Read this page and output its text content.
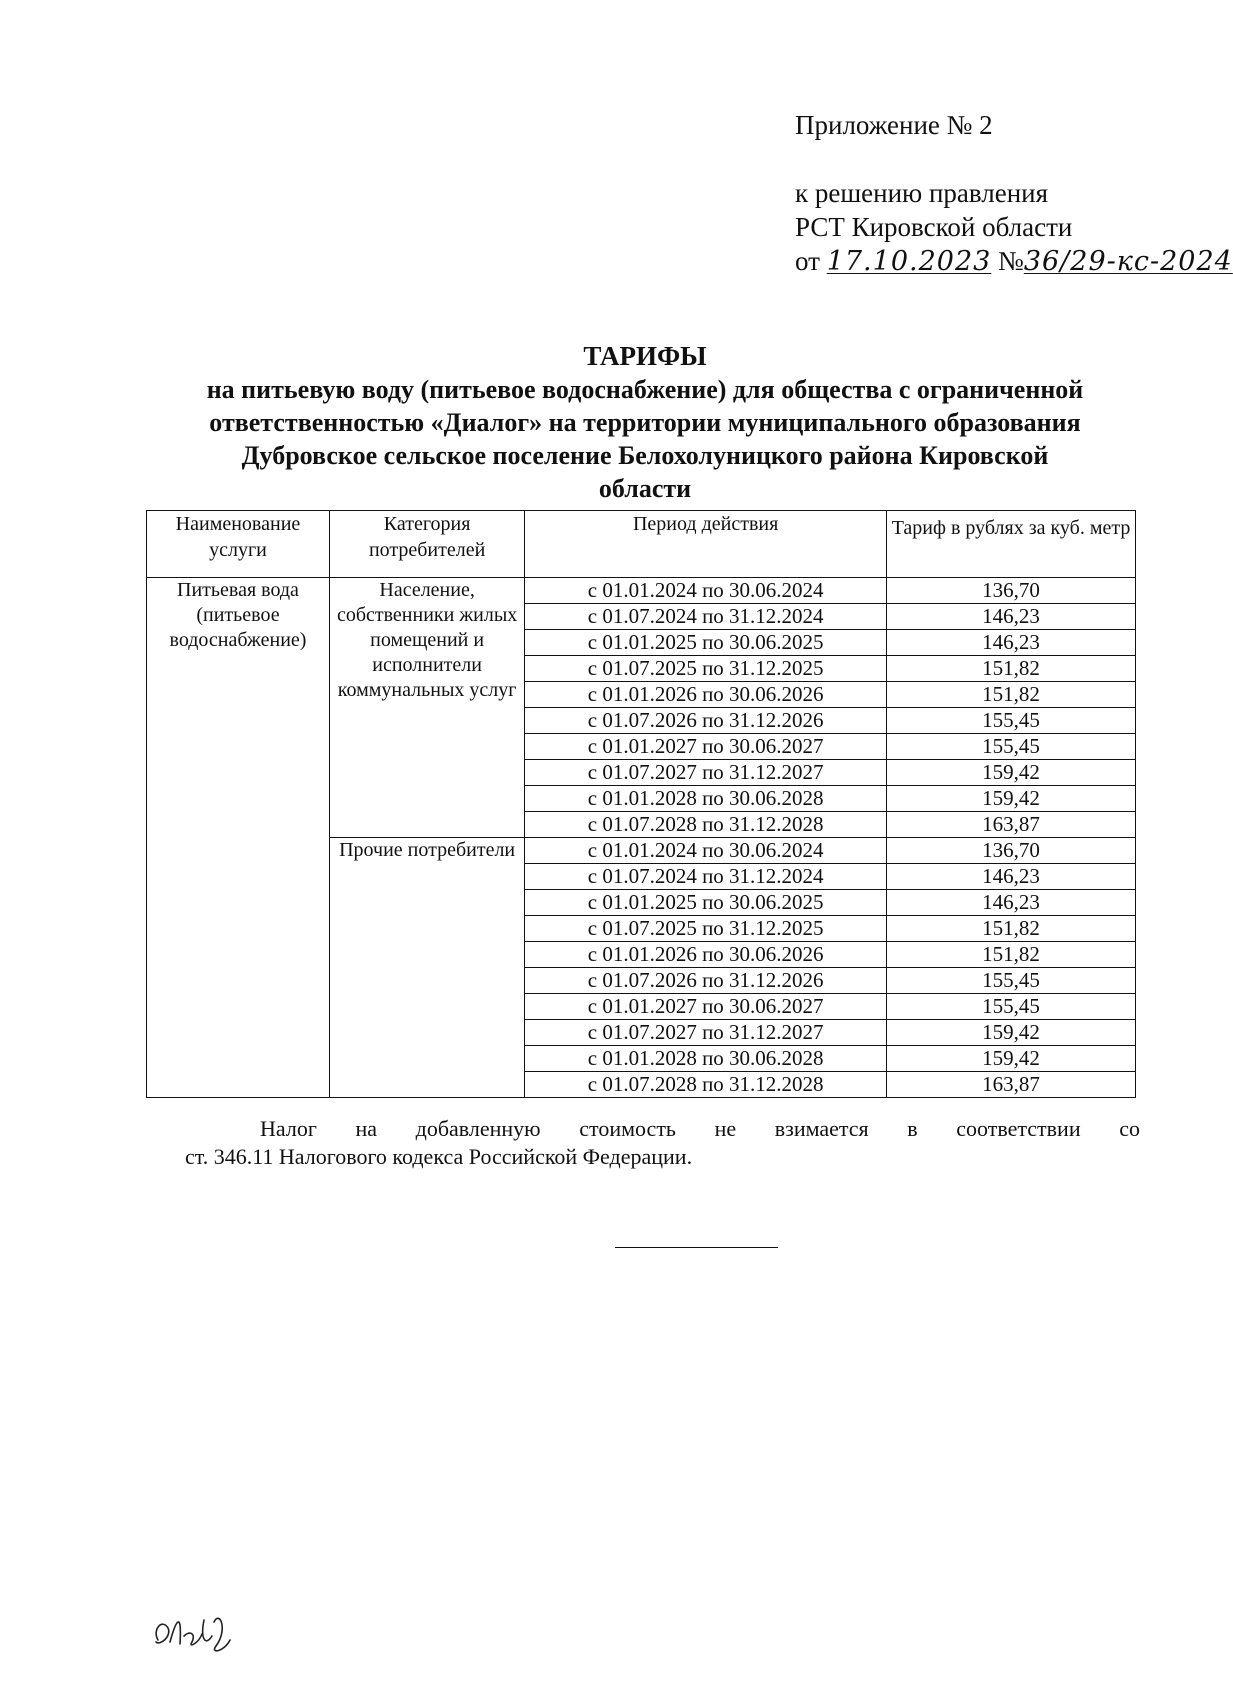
Приложение № 2
к решению правления
РСТ Кировской области
от 17.10.2023 №36/29-кс-2024
ТАРИФЫ
на питьевую воду (питьевое водоснабжение) для общества с ограниченной
ответственностью «Диалог» на территории муниципального образования
Дубровское сельское поселение Белохолуницкого района Кировской
области
Наименование услуги	Категория потребителей	Период действия	Тариф в рублях за куб. метр
Питьевая вода (питьевое водоснабжение)	Население, собственники жилых помещений и исполнители коммунальных услуг	с 01.01.2024 по 30.06.2024	136,70
		с 01.07.2024 по 31.12.2024	146,23
		с 01.01.2025 по 30.06.2025	146,23
		с 01.07.2025 по 31.12.2025	151,82
		с 01.01.2026 по 30.06.2026	151,82
		с 01.07.2026 по 31.12.2026	155,45
		с 01.01.2027 по 30.06.2027	155,45
		с 01.07.2027 по 31.12.2027	159,42
		с 01.01.2028 по 30.06.2028	159,42
		с 01.07.2028 по 31.12.2028	163,87
	Прочие потребители	с 01.01.2024 по 30.06.2024	136,70
		с 01.07.2024 по 31.12.2024	146,23
		с 01.01.2025 по 30.06.2025	146,23
		с 01.07.2025 по 31.12.2025	151,82
		с 01.01.2026 по 30.06.2026	151,82
		с 01.07.2026 по 31.12.2026	155,45
		с 01.01.2027 по 30.06.2027	155,45
		с 01.07.2027 по 31.12.2027	159,42
		с 01.01.2028 по 30.06.2028	159,42
		с 01.07.2028 по 31.12.2028	163,87
Налог на добавленную стоимость не взимается в соответствии со
ст. 346.11 Налогового кодекса Российской Федерации.
